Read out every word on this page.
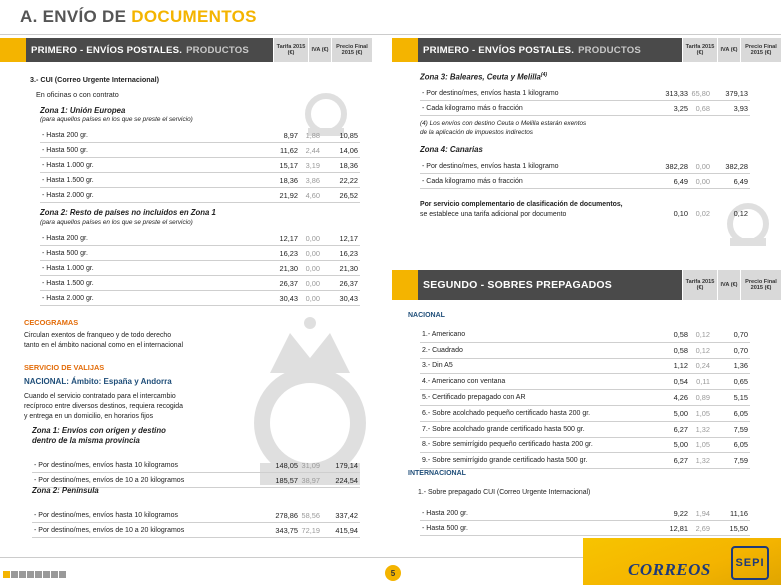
A. ENVÍO DE DOCUMENTOS
PRIMERO - ENVÍOS POSTALES. PRODUCTOS	Tarifa 2015 (€)
IVA (€)
Precio Final 2015 (€)
3.- CUI (Correo Urgente Internacional)
En oficinas o con contrato
Zona 1: Unión Europea
(para aquellos países en los que se preste el servicio)
- Hasta 200 gr.	8,97	1,88	10,85
- Hasta 500 gr.	11,62	2,44	14,06
- Hasta 1.000 gr.	15,17	3,19	18,36
- Hasta 1.500 gr.	18,36	3,86	22,22
- Hasta 2.000 gr.	21,92	4,60	26,52
Zona 2: Resto de países no incluidos en Zona 1
(para aquellos países en los que se preste el servicio)
- Hasta 200 gr.	12,17	0,00	12,17
- Hasta 500 gr.	16,23	0,00	16,23
- Hasta 1.000 gr.	21,30	0,00	21,30
- Hasta 1.500 gr.	26,37	0,00	26,37
- Hasta 2.000 gr.	30,43	0,00	30,43
CECOGRAMAS
Circulan exentos de franqueo y de todo derecho
tanto en el ámbito nacional como en el internacional
SERVICIO DE VALIJAS
NACIONAL: Ámbito: España y Andorra
Cuando el servicio contratado para el intercambio
recíproco entre diversos destinos, requiera recogida
y entrega en un domicilio, en horarios fijos
Zona 1: Envíos con origen y destino
dentro de la misma provincia
- Por destino/mes, envíos hasta 10 kilogramos	148,05 31,09	179,14
- Por destino/mes, envíos de 10 a 20 kilogramos	185,57 38,97	224,54
Zona 2: Península
- Por destino/mes, envíos hasta 10 kilogramos	278,86 58,56	337,42
- Por destino/mes, envíos de 10 a 20 kilogramos	343,75 72,19	415,94
PRIMERO - ENVÍOS POSTALES. PRODUCTOS	Tarifa 2015 (€)
IVA (€)
Precio Final 2015 (€)
Zona 3: Baleares, Ceuta y Melilla$^{(4)}$
- Por destino/mes, envíos hasta 1 kilogramo	313,33 65,80	379,13
- Cada kilogramo más o fracción	3,25	0,68	3,93
(4) Los envíos con destino Ceuta o Melilla estarán exentos
de la aplicación de impuestos indirectos
Zona 4: Canarias
- Por destino/mes, envíos hasta 1 kilogramo	382,28	0,00	382,28
- Cada kilogramo más o fracción	6,49	0,00	6,49
Por servicio complementario de clasificación de documentos,
se establece una tarifa adicional por documento	0,10	0,02	0,12
SEGUNDO - SOBRES PREPAGADOS	Tarifa 2015 (€)
IVA (€)
Precio Final 2015 (€)
NACIONAL
1.- Americano	0,58	0,12	0,70
2.- Cuadrado	0,58	0,12	0,70
3.- Din A5	1,12	0,24	1,36
4.- Americano con ventana	0,54	0,11	0,65
5.- Certificado prepagado con AR	4,26	0,89	5,15
6.- Sobre acolchado pequeño certificado hasta 200 gr.	5,00	1,05	6,05
7.- Sobre acolchado grande certificado hasta 500 gr.	6,27	1,32	7,59
8.- Sobre semirrígido pequeño certificado hasta 200 gr.	5,00	1,05	6,05
9.- Sobre semirrígido grande certificado hasta 500 gr.	6,27	1,32	7,59
INTERNACIONAL
1.- Sobre prepagado CUI (Correo Urgente Internacional)
- Hasta 200 gr.	9,22	1,94	11,16
- Hasta 500 gr.	12,81	2,69	15,50
5	CORREOS	SEPI
